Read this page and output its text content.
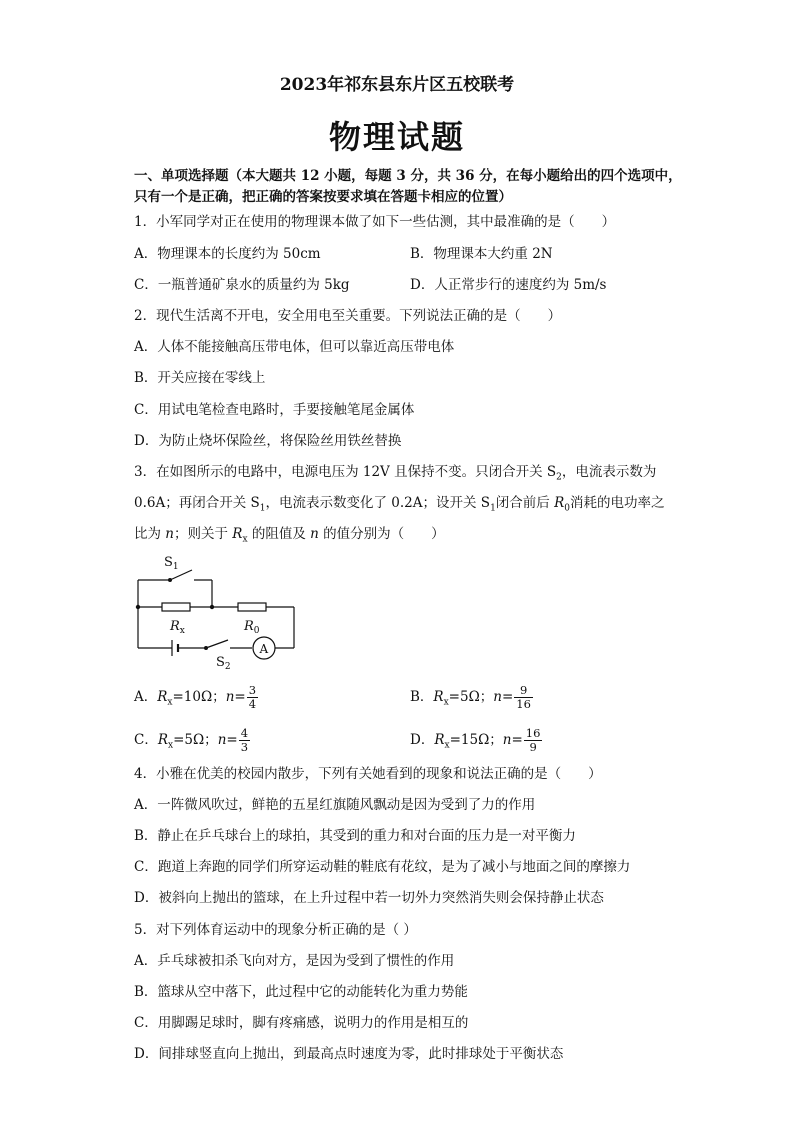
2023年祁东县东片区五校联考
物理试题
一、单项选择题（本大题共 12 小题，每题 3 分，共 36 分，在每小题给出的四个选项中，
只有一个是正确，把正确的答案按要求填在答题卡相应的位置）
1．小军同学对正在使用的物理课本做了如下一些估测，其中最准确的是（　　）
A．物理课本的长度约为 50cm	B．物理课本大约重 2N
C．一瓶普通矿泉水的质量约为 5kg	D．人正常步行的速度约为 5m/s
2．现代生活离不开电，安全用电至关重要。下列说法正确的是（　　）
A．人体不能接触高压带电体，但可以靠近高压带电体
B．开关应接在零线上
C．用试电笔检查电路时，手要接触笔尾金属体
D．为防止烧坏保险丝，将保险丝用铁丝替换
3．在如图所示的电路中，电源电压为 12V 且保持不变。只闭合开关 $S_2$，电流表示数为
0.6A；再闭合开关 $S_1$，电流表示数变化了 0.2A；设开关 $S_1$闭合前后 $R_0$消耗的电功率之
比为 n；则关于 $R_x$ 的阻值及 n 的值分别为（　　）
$S_1$
$R_x$	$R_0$
$S_2$
A
A．$R_x=10\Omega$；$n= \frac{3}{4}$	B．$R_x=5\Omega$；$n= \frac{9}{16}$
C．$R_x=5\Omega$；$n= \frac{4}{3}$	D．$R_x=15\Omega$；$n= \frac{16}{9}$
4．小雅在优美的校园内散步，下列有关她看到的现象和说法正确的是（　　）
A．一阵微风吹过，鲜艳的五星红旗随风飘动是因为受到了力的作用
B．静止在乒乓球台上的球拍，其受到的重力和对台面的压力是一对平衡力
C．跑道上奔跑的同学们所穿运动鞋的鞋底有花纹，是为了减小与地面之间的摩擦力
D．被斜向上抛出的篮球，在上升过程中若一切外力突然消失则会保持静止状态
5．对下列体育运动中的现象分析正确的是（ ）
A．乒乓球被扣杀飞向对方，是因为受到了惯性的作用
B．篮球从空中落下，此过程中它的动能转化为重力势能
C．用脚踢足球时，脚有疼痛感，说明力的作用是相互的
D．间排球竖直向上抛出，到最高点时速度为零，此时排球处于平衡状态
